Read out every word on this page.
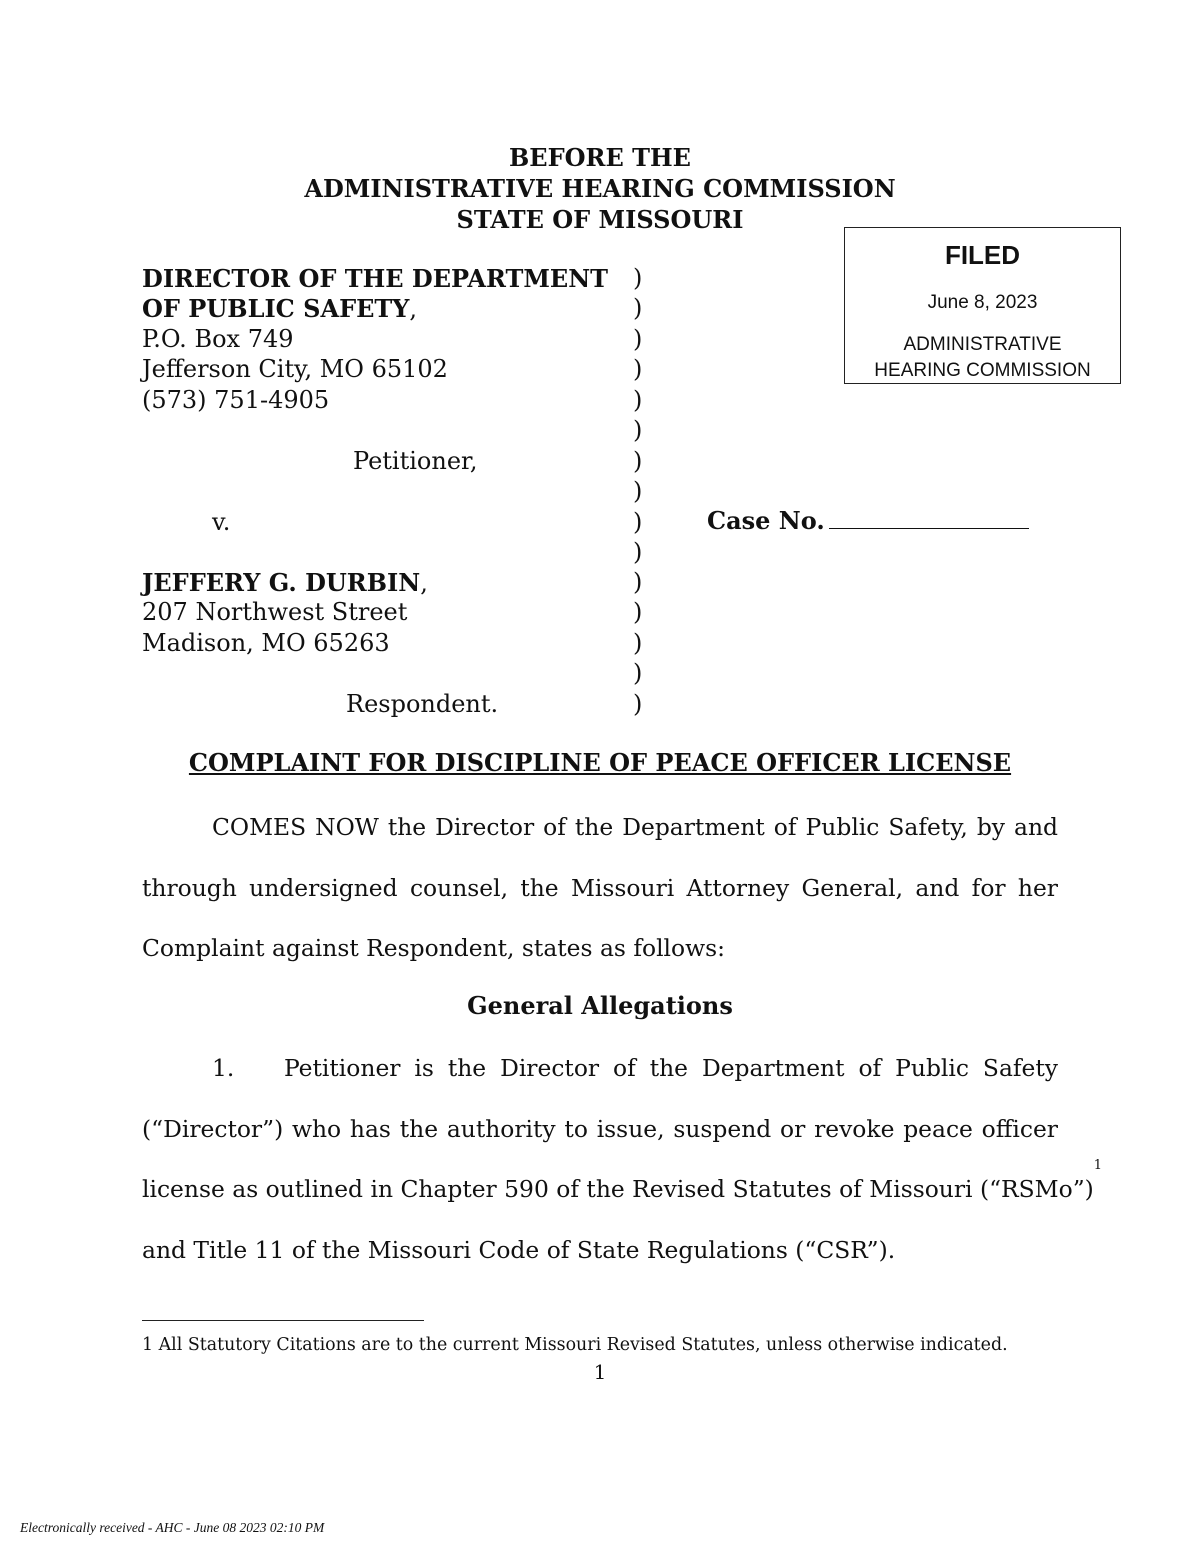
BEFORE THE
ADMINISTRATIVE HEARING COMMISSION
STATE OF MISSOURI
FILED
June 8, 2023
ADMINISTRATIVE
HEARING COMMISSION
DIRECTOR OF THE DEPARTMENT
OF PUBLIC SAFETY,
P.O. Box 749
Jefferson City, MO 65102
(573) 751-4905
Petitioner,
v.
JEFFERY G. DURBIN,
207 Northwest Street
Madison, MO 65263
Respondent.
)
)
)
)
)
)
)
)
)
)
)
)
)
)
)
Case No.
COMPLAINT FOR DISCIPLINE OF PEACE OFFICER LICENSE
COMES NOW the Director of the Department of Public Safety, by and
through undersigned counsel, the Missouri Attorney General, and for her
Complaint against Respondent, states as follows:
General Allegations
1.	Petitioner is the Director of the Department of Public Safety
(“Director”) who has the authority to issue, suspend or revoke peace officer
license as outlined in Chapter 590 of the Revised Statutes of Missouri (“RSMo”)$^1$
and Title 11 of the Missouri Code of State Regulations (“CSR”).
1 All Statutory Citations are to the current Missouri Revised Statutes, unless otherwise indicated.
1
Electronically received - AHC - June 08 2023 02:10 PM
